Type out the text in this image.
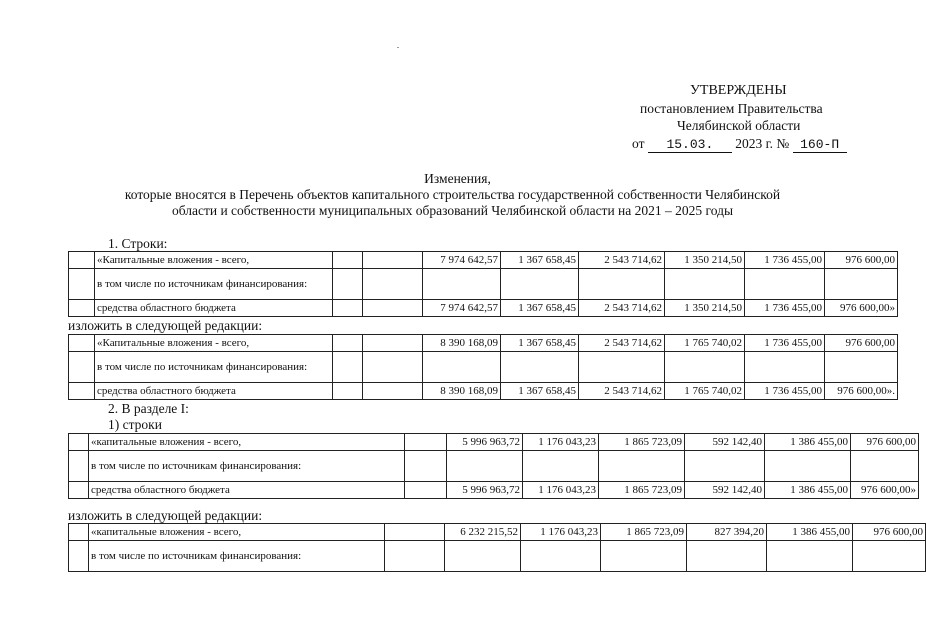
УТВЕРЖДЕНЫ
постановлением Правительства
Челябинской области
от 15.03. 2023 г. № 160-П
Изменения,
которые вносятся в Перечень объектов капитального строительства государственной собственности Челябинской
области и собственности муниципальных образований Челябинской области на 2021 – 2025 годы
1. Строки:
	«Капитальные вложения - всего,			7 974 642,57	1 367 658,45	2 543 714,62	1 350 214,50	1 736 455,00	976 600,00
	в том числе по источникам финансирования:								
	средства областного бюджета			7 974 642,57	1 367 658,45	2 543 714,62	1 350 214,50	1 736 455,00	976 600,00»
изложить в следующей редакции:
	«Капитальные вложения - всего,			8 390 168,09	1 367 658,45	2 543 714,62	1 765 740,02	1 736 455,00	976 600,00
	в том числе по источникам финансирования:								
	средства областного бюджета			8 390 168,09	1 367 658,45	2 543 714,62	1 765 740,02	1 736 455,00	976 600,00».
2. В разделе I:
1) строки
	«капитальные вложения - всего,			5 996 963,72	1 176 043,23	1 865 723,09	592 142,40	1 386 455,00	976 600,00
	в том числе по источникам финансирования:								
	средства областного бюджета			5 996 963,72	1 176 043,23	1 865 723,09	592 142,40	1 386 455,00	976 600,00»
изложить в следующей редакции:
	«капитальные вложения - всего,			6 232 215,52	1 176 043,23	1 865 723,09	827 394,20	1 386 455,00	976 600,00
	в том числе по источникам финансирования:								
